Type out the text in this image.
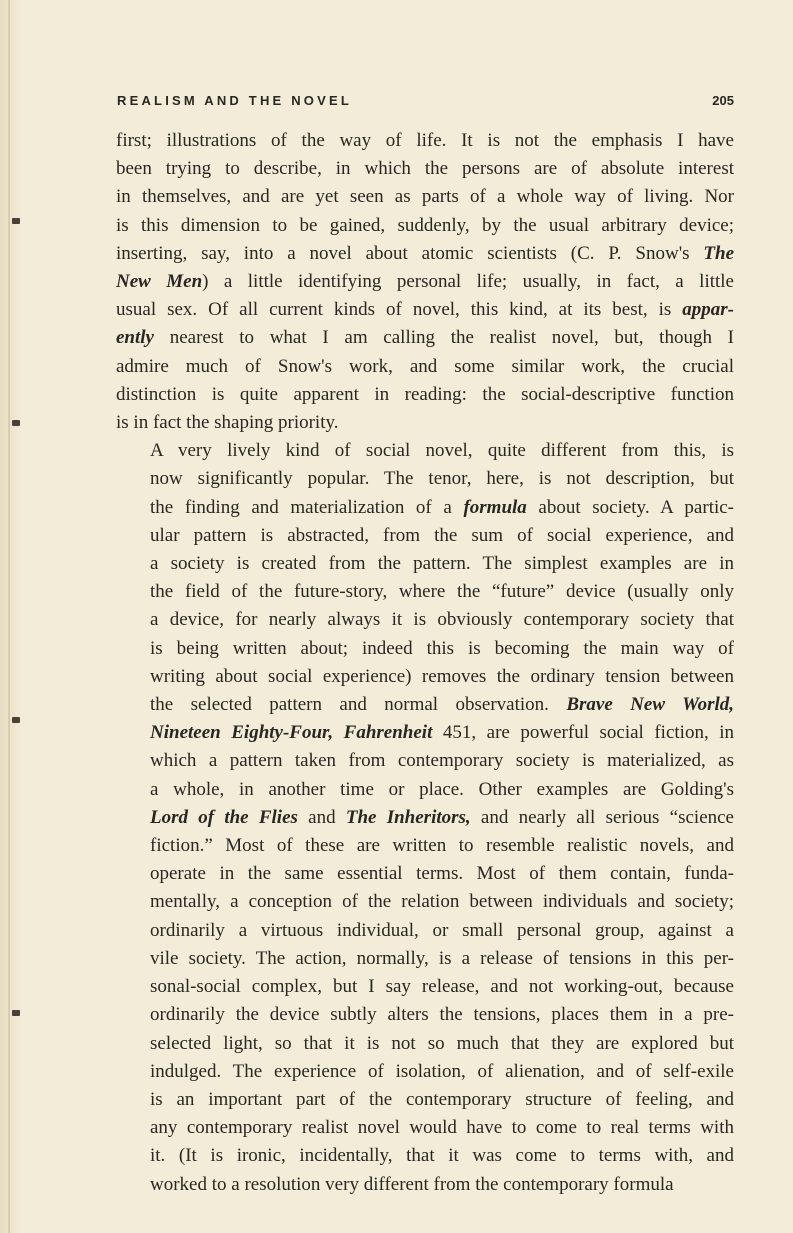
REALISM AND THE NOVEL	205
first; illustrations of the way of life. It is not the emphasis I have
been trying to describe, in which the persons are of absolute interest
in themselves, and are yet seen as parts of a whole way of living. Nor
is this dimension to be gained, suddenly, by the usual arbitrary device;
inserting, say, into a novel about atomic scientists (C. P. Snow's The
New Men) a little identifying personal life; usually, in fact, a little
usual sex. Of all current kinds of novel, this kind, at its best, is appar-
ently nearest to what I am calling the realist novel, but, though I
admire much of Snow's work, and some similar work, the crucial
distinction is quite apparent in reading: the social-descriptive function
is in fact the shaping priority.
A very lively kind of social novel, quite different from this, is
now significantly popular. The tenor, here, is not description, but
the finding and materialization of a formula about society. A partic-
ular pattern is abstracted, from the sum of social experience, and
a society is created from the pattern. The simplest examples are in
the field of the future-story, where the “future” device (usually only
a device, for nearly always it is obviously contemporary society that
is being written about; indeed this is becoming the main way of
writing about social experience) removes the ordinary tension between
the selected pattern and normal observation. Brave New World,
Nineteen Eighty-Four, Fahrenheit 451, are powerful social fiction, in
which a pattern taken from contemporary society is materialized, as
a whole, in another time or place. Other examples are Golding's
Lord of the Flies and The Inheritors, and nearly all serious “science
fiction.” Most of these are written to resemble realistic novels, and
operate in the same essential terms. Most of them contain, funda-
mentally, a conception of the relation between individuals and society;
ordinarily a virtuous individual, or small personal group, against a
vile society. The action, normally, is a release of tensions in this per-
sonal-social complex, but I say release, and not working-out, because
ordinarily the device subtly alters the tensions, places them in a pre-
selected light, so that it is not so much that they are explored but
indulged. The experience of isolation, of alienation, and of self-exile
is an important part of the contemporary structure of feeling, and
any contemporary realist novel would have to come to real terms with
it. (It is ironic, incidentally, that it was come to terms with, and
worked to a resolution very different from the contemporary formula
